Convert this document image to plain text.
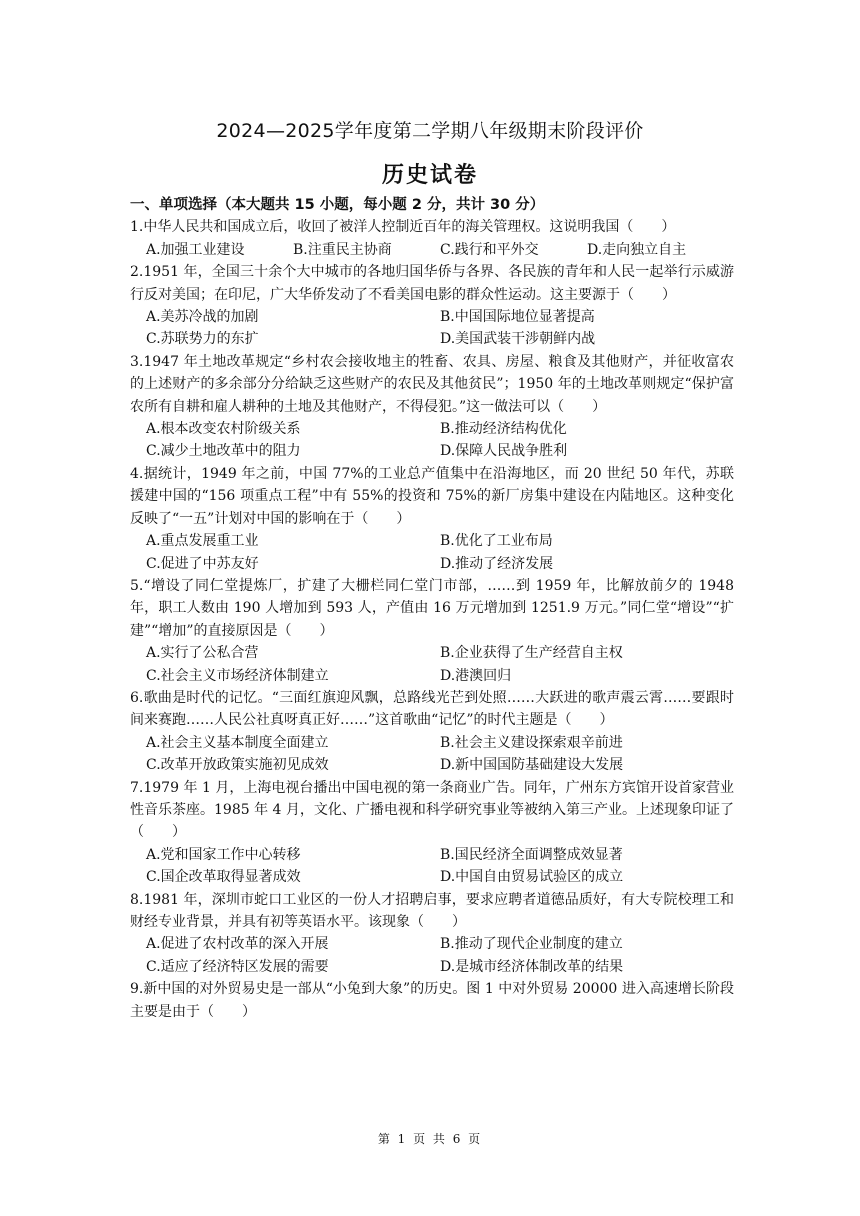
2024—2025学年度第二学期八年级期末阶段评价
历史试卷
一、单项选择（本大题共 15 小题，每小题 2 分，共计 30 分）
1.中华人民共和国成立后，收回了被洋人控制近百年的海关管理权。这说明我国（　　）
A.加强工业建设	B.注重民主协商	C.践行和平外交	D.走向独立自主
2.1951 年，全国三十余个大中城市的各地归国华侨与各界、各民族的青年和人民一起举行示威游行反对美国；在印尼，广大华侨发动了不看美国电影的群众性运动。这主要源于（　　）
A.美苏冷战的加剧	B.中国国际地位显著提高
C.苏联势力的东扩	D.美国武装干涉朝鲜内战
3.1947 年土地改革规定“乡村农会接收地主的牲畜、农具、房屋、粮食及其他财产，并征收富农的上述财产的多余部分分给缺乏这些财产的农民及其他贫民”；1950 年的土地改革则规定“保护富农所有自耕和雇人耕种的土地及其他财产，不得侵犯。”这一做法可以（　　）
A.根本改变农村阶级关系	B.推动经济结构优化
C.减少土地改革中的阻力	D.保障人民战争胜利
4.据统计，1949 年之前，中国 77%的工业总产值集中在沿海地区，而 20 世纪 50 年代，苏联援建中国的“156 项重点工程”中有 55%的投资和 75%的新厂房集中建设在内陆地区。这种变化反映了“一五”计划对中国的影响在于（　　）
A.重点发展重工业	B.优化了工业布局
C.促进了中苏友好	D.推动了经济发展
5.“增设了同仁堂提炼厂，扩建了大栅栏同仁堂门市部，……到 1959 年，比解放前夕的 1948 年，职工人数由 190 人增加到 593 人，产值由 16 万元增加到 1251.9 万元。”同仁堂“增设”“扩建”“增加”的直接原因是（　　）
A.实行了公私合营	B.企业获得了生产经营自主权
C.社会主义市场经济体制建立	D.港澳回归
6.歌曲是时代的记忆。“三面红旗迎风飘，总路线光芒到处照……大跃进的歌声震云霄……要跟时间来赛跑……人民公社真呀真正好……”这首歌曲“记忆”的时代主题是（　　）
A.社会主义基本制度全面建立	B.社会主义建设探索艰辛前进
C.改革开放政策实施初见成效	D.新中国国防基础建设大发展
7.1979 年 1 月，上海电视台播出中国电视的第一条商业广告。同年，广州东方宾馆开设首家营业性音乐茶座。1985 年 4 月，文化、广播电视和科学研究事业等被纳入第三产业。上述现象印证了（　　）
A.党和国家工作中心转移	B.国民经济全面调整成效显著
C.国企改革取得显著成效	D.中国自由贸易试验区的成立
8.1981 年，深圳市蛇口工业区的一份人才招聘启事，要求应聘者道德品质好，有大专院校理工和财经专业背景，并具有初等英语水平。该现象（　　）
A.促进了农村改革的深入开展	B.推动了现代企业制度的建立
C.适应了经济特区发展的需要	D.是城市经济体制改革的结果
9.新中国的对外贸易史是一部从“小兔到大象”的历史。图 1 中对外贸易 20000 进入高速增长阶段主要是由于（　　）
第 1 页 共 6 页
